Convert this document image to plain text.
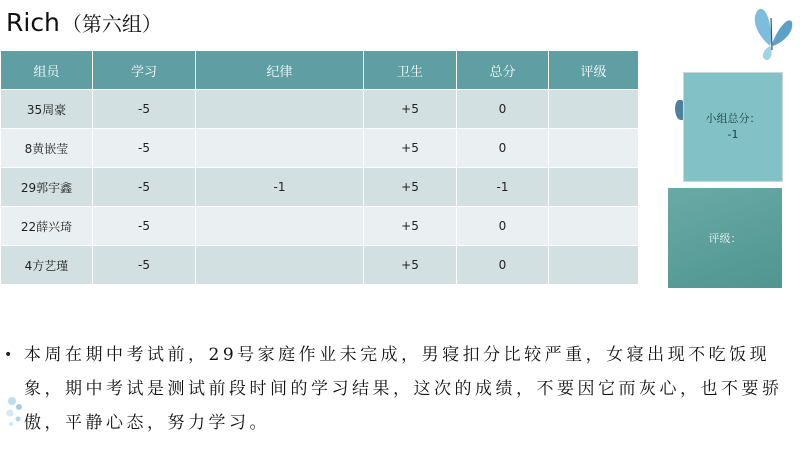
Rich （第六组）
组员	学习	纪律	卫生	总分	评级
35周豪	-5		+5	0	
8黄嵌莹	-5		+5	0	
29郭宇鑫	-5	-1	+5	-1	
22薛兴琦	-5		+5	0	
4方艺瑾	-5		+5	0	
小组总分：
-1
评级：
• 本周在期中考试前，29号家庭作业未完成，男寝扣分比较严重，女寝出现不吃饭现象，期中考试是测试前段时间的学习结果，这次的成绩，不要因它而灰心，也不要骄傲，平静心态，努力学习。
